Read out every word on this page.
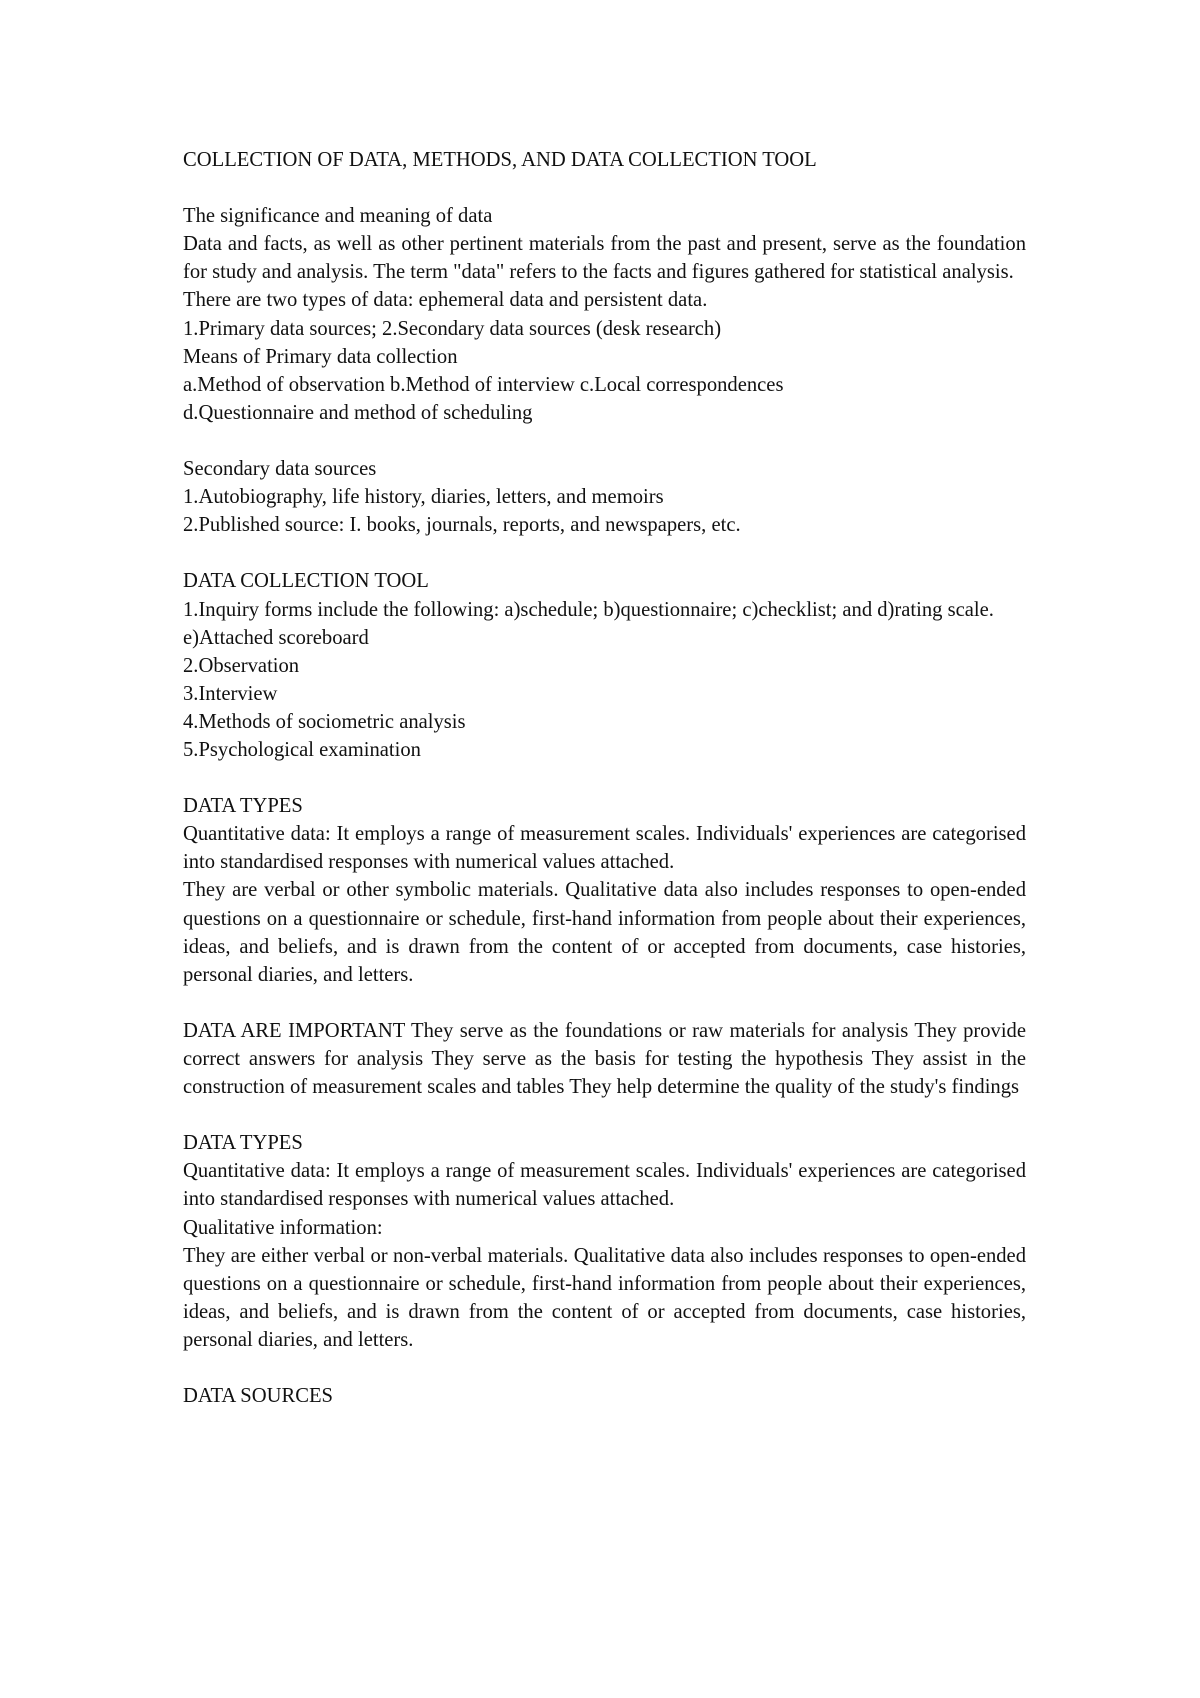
COLLECTION OF DATA, METHODS, AND DATA COLLECTION TOOL

The significance and meaning of data

Data and facts, as well as other pertinent materials from the past and present, serve as the foundation for study and analysis. The term "data" refers to the facts and figures gathered for statistical analysis.

There are two types of data: ephemeral data and persistent data.

1.Primary data sources; 2.Secondary data sources (desk research)

Means of Primary data collection

a.Method of observation b.Method of interview c.Local correspondences

d.Questionnaire and method of scheduling

Secondary data sources

1.Autobiography, life history, diaries, letters, and memoirs

2.Published source: I. books, journals, reports, and newspapers, etc.

DATA COLLECTION TOOL

1.Inquiry forms include the following: a)schedule; b)questionnaire; c)checklist; and d)rating scale.

e)Attached scoreboard

2.Observation

3.Interview

4.Methods of sociometric analysis

5.Psychological examination

DATA TYPES

Quantitative data: It employs a range of measurement scales. Individuals' experiences are categorised into standardised responses with numerical values attached.

They are verbal or other symbolic materials. Qualitative data also includes responses to open-ended questions on a questionnaire or schedule, first-hand information from people about their experiences, ideas, and beliefs, and is drawn from the content of or accepted from documents, case histories, personal diaries, and letters.

DATA ARE IMPORTANT They serve as the foundations or raw materials for analysis They provide correct answers for analysis They serve as the basis for testing the hypothesis They assist in the construction of measurement scales and tables They help determine the quality of the study's findings

DATA TYPES

Quantitative data: It employs a range of measurement scales. Individuals' experiences are categorised into standardised responses with numerical values attached.

Qualitative information:

They are either verbal or non-verbal materials. Qualitative data also includes responses to open-ended questions on a questionnaire or schedule, first-hand information from people about their experiences, ideas, and beliefs, and is drawn from the content of or accepted from documents, case histories, personal diaries, and letters.

DATA SOURCES
